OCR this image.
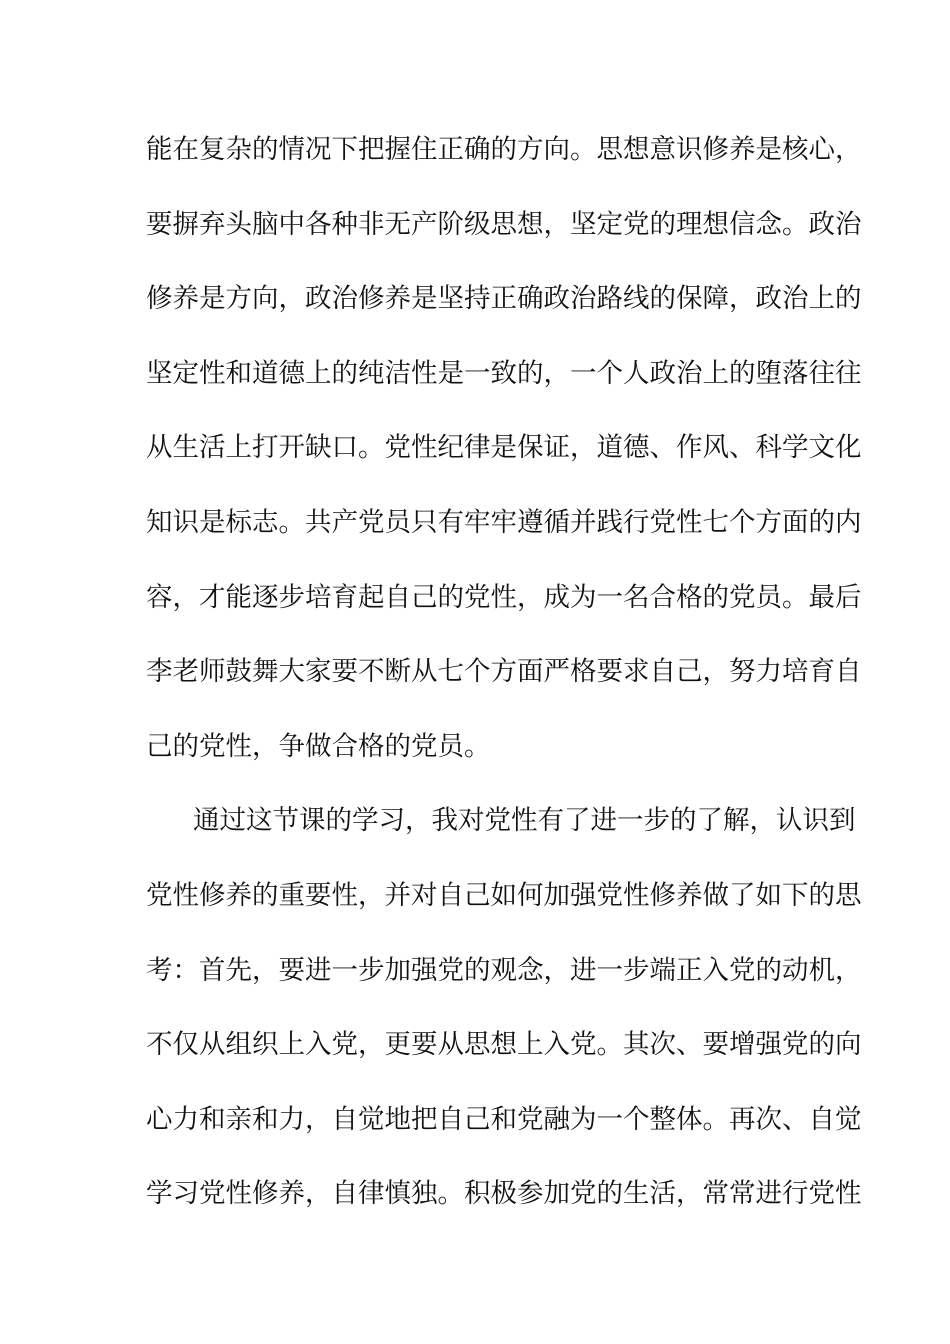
能在复杂的情况下把握住正确的方向。思想意识修养是核心，
要摒弃头脑中各种非无产阶级思想，坚定党的理想信念。政治
修养是方向，政治修养是坚持正确政治路线的保障，政治上的
坚定性和道德上的纯洁性是一致的，一个人政治上的堕落往往
从生活上打开缺口。党性纪律是保证，道德、作风、科学文化
知识是标志。共产党员只有牢牢遵循并践行党性七个方面的内
容，才能逐步培育起自己的党性，成为一名合格的党员。最后
李老师鼓舞大家要不断从七个方面严格要求自己，努力培育自
己的党性，争做合格的党员。
通过这节课的学习，我对党性有了进一步的了解，认识到
党性修养的重要性，并对自己如何加强党性修养做了如下的思
考：首先，要进一步加强党的观念，进一步端正入党的动机，
不仅从组织上入党，更要从思想上入党。其次、要增强党的向
心力和亲和力，自觉地把自己和党融为一个整体。再次、自觉
学习党性修养，自律慎独。积极参加党的生活，常常进行党性
